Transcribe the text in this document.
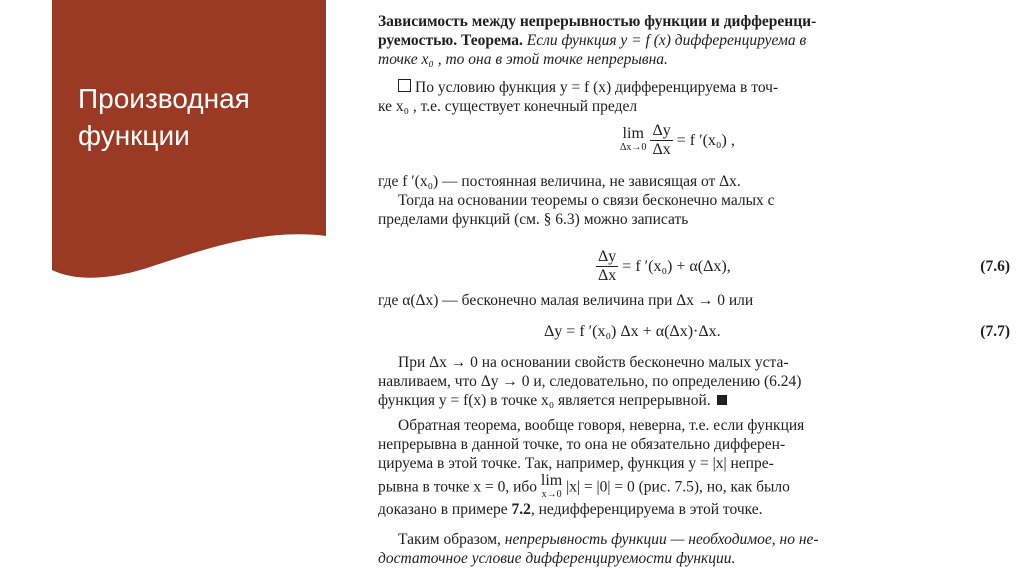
Производная
функции
Зависимость между непрерывностью функции и дифференци-
руемостью. Теорема. Если функция y = f (x) дифференцируема в
точке x₀ , то она в этой точке непрерывна.
По условию функция y = f (x) дифференцируема в точ-
ке x₀ , т.е. существует конечный предел
lim
Δx→0
$\frac{\Delta y}{\Delta x} = f$ ′(x₀) ,
где f ′(x₀) — постоянная величина, не зависящая от Δx.
Тогда на основании теоремы о связи бесконечно малых с
пределами функций (см. § 6.3) можно записать
$\frac{\Delta y}{\Delta x} = f$ ′(x₀) + α(Δx),	(7.6)
где α(Δx) — бесконечно малая величина при Δx → 0 или
Δy = f ′(x₀) Δx + α(Δx)·Δx.	(7.7)
При Δx → 0 на основании свойств бесконечно малых уста-
навливаем, что Δy → 0 и, следовательно, по определению (6.24)
функция y = f(x) в точке x₀ является непрерывной.
Обратная теорема, вообще говоря, неверна, т.е. если функция
непрерывна в данной точке, то она не обязательно дифферен-
цируема в этой точке. Так, например, функция y = |x| непре-
рывна в точке x = 0, ибо lim
x→0 |x| = |0| = 0 (рис. 7.5), но, как было
доказано в примере 7.2, недифференцируема в этой точке.
Таким образом, непрерывность функции — необходимое, но не-
достаточное условие дифференцируемости функции.
